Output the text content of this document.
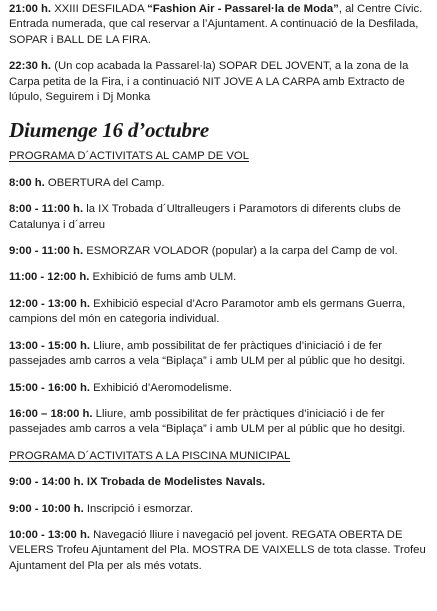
21:00 h. XXIII DESFILADA “Fashion Air - Passarel·la de Moda”, al Centre Cívic. Entrada numerada, que cal reservar a l’Ajuntament. A continuació de la Desfilada, SOPAR i BALL DE LA FIRA.

22:30 h. (Un cop acabada la Passarel·la) SOPAR DEL JOVENT, a la zona de la Carpa petita de la Fira, i a continuació NIT JOVE A LA CARPA amb Extracto de lúpulo, Seguirem i Dj Monka

Diumenge 16 d’octubre

PROGRAMA D´ACTIVITATS AL CAMP DE VOL

8:00 h. OBERTURA del Camp.

8:00 - 11:00 h. la IX Trobada d´Ultralleugers i Paramotors di diferents clubs de Catalunya i d´arreu

9:00 - 11:00 h. ESMORZAR VOLADOR (popular) a la carpa del Camp de vol.

11:00 - 12:00 h. Exhibició de fums amb ULM.

12:00 - 13:00 h. Exhibició especial d’Acro Paramotor amb els germans Guerra, campions del món en categoria individual.

13:00 - 15:00 h. Lliure, amb possibilitat de fer pràctiques d’iniciació i de fer passejades amb carros a vela “Biplaça” i amb ULM per al públic que ho desitgi.

15:00 - 16:00 h. Exhibició d’Aeromodelisme.

16:00 – 18:00 h. Lliure, amb possibilitat de fer pràctiques d’iniciació i de fer passejades amb carros a vela “Biplaça” i amb ULM per al públic que ho desitgi.

PROGRAMA D´ACTIVITATS A LA PISCINA MUNICIPAL

9:00 - 14:00 h. IX Trobada de Modelistes Navals.

9:00 - 10:00 h. Inscripció i esmorzar.

10:00 - 13:00 h. Navegació lliure i navegació pel jovent. REGATA OBERTA DE VELERS Trofeu Ajuntament del Pla. MOSTRA DE VAIXELLS de tota classe. Trofeu Ajuntament del Pla per als més votats.
